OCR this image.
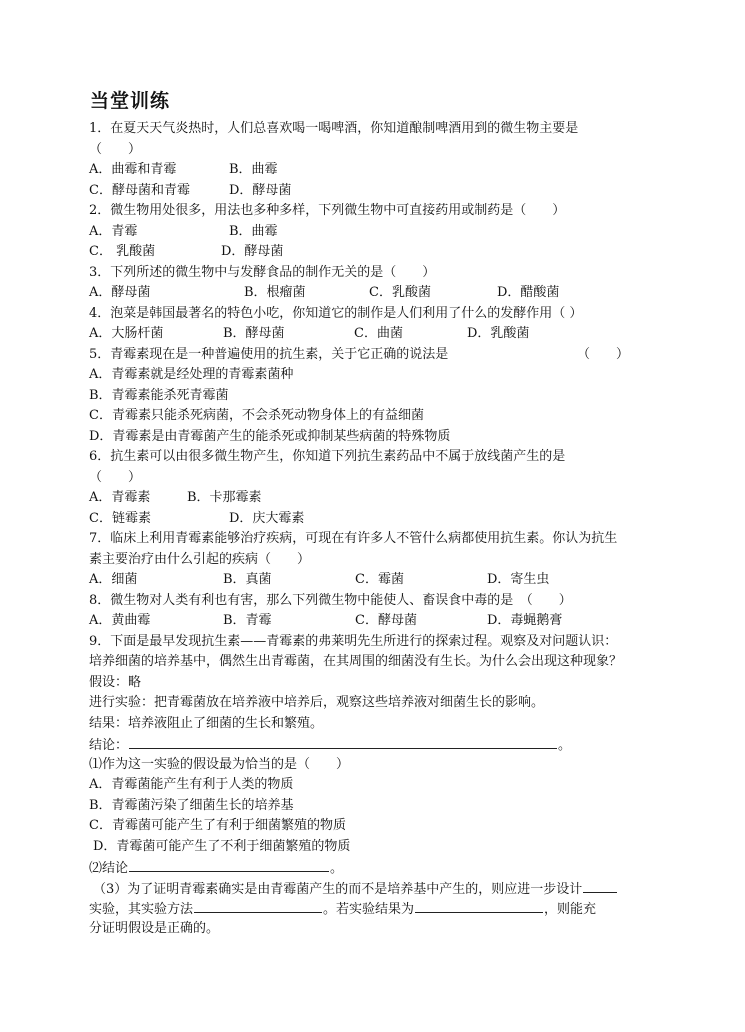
当堂训练
1．在夏天天气炎热时，人们总喜欢喝一喝啤酒，你知道酿制啤酒用到的微生物主要是
（　　）
A．曲霉和青霉	B．曲霉
C．酵母菌和青霉	D．酵母菌
2．微生物用处很多，用法也多种多样，下列微生物中可直接药用或制药是（　　）
A．青霉	B．曲霉
C． 乳酸菌	D．酵母菌
3．下列所述的微生物中与发酵食品的制作无关的是（　　）
A．酵母菌	B．根瘤菌	C．乳酸菌	D．醋酸菌
4．泡菜是韩国最著名的特色小吃，你知道它的制作是人们利用了什么的发酵作用（ ）
A．大肠杆菌	B．酵母菌	C．曲菌	D．乳酸菌
5．青霉素现在是一种普遍使用的抗生素，关于它正确的说法是	（　　）
A．青霉素就是经处理的青霉素菌种
B．青霉素能杀死青霉菌
C．青霉素只能杀死病菌，不会杀死动物身体上的有益细菌
D．青霉素是由青霉菌产生的能杀死或抑制某些病菌的特殊物质
6．抗生素可以由很多微生物产生，你知道下列抗生素药品中不属于放线菌产生的是
（　　）
A．青霉素	B．卡那霉素
C．链霉素	D．庆大霉素
7．临床上利用青霉素能够治疗疾病，可现在有许多人不管什么病都使用抗生素。你认为抗生
素主要治疗由什么引起的疾病（　　）
A．细菌	B．真菌	C．霉菌	D．寄生虫
8．微生物对人类有利也有害，那么下列微生物中能使人、畜误食中毒的是　（　　）
A．黄曲霉	B．青霉	C．酵母菌	D．毒蝇鹅膏
9．下面是最早发现抗生素——青霉素的弗莱明先生所进行的探索过程。观察及对问题认识：
培养细菌的培养基中，偶然生出青霉菌，在其周围的细菌没有生长。为什么会出现这种现象？
假设：略
进行实验：把青霉菌放在培养液中培养后，观察这些培养液对细菌生长的影响。
结果：培养液阻止了细菌的生长和繁殖。
结论：	。
⑴作为这一实验的假设最为恰当的是（　　）
A．青霉菌能产生有利于人类的物质
B．青霉菌污染了细菌生长的培养基
C．青霉菌可能产生了有利于细菌繁殖的物质
D．青霉菌可能产生了不利于细菌繁殖的物质
⑵结论	。
（3）为了证明青霉素确实是由青霉菌产生的而不是培养基中产生的，则应进一步设计
实验，其实验方法	。若实验结果为	，则能充
分证明假设是正确的。
